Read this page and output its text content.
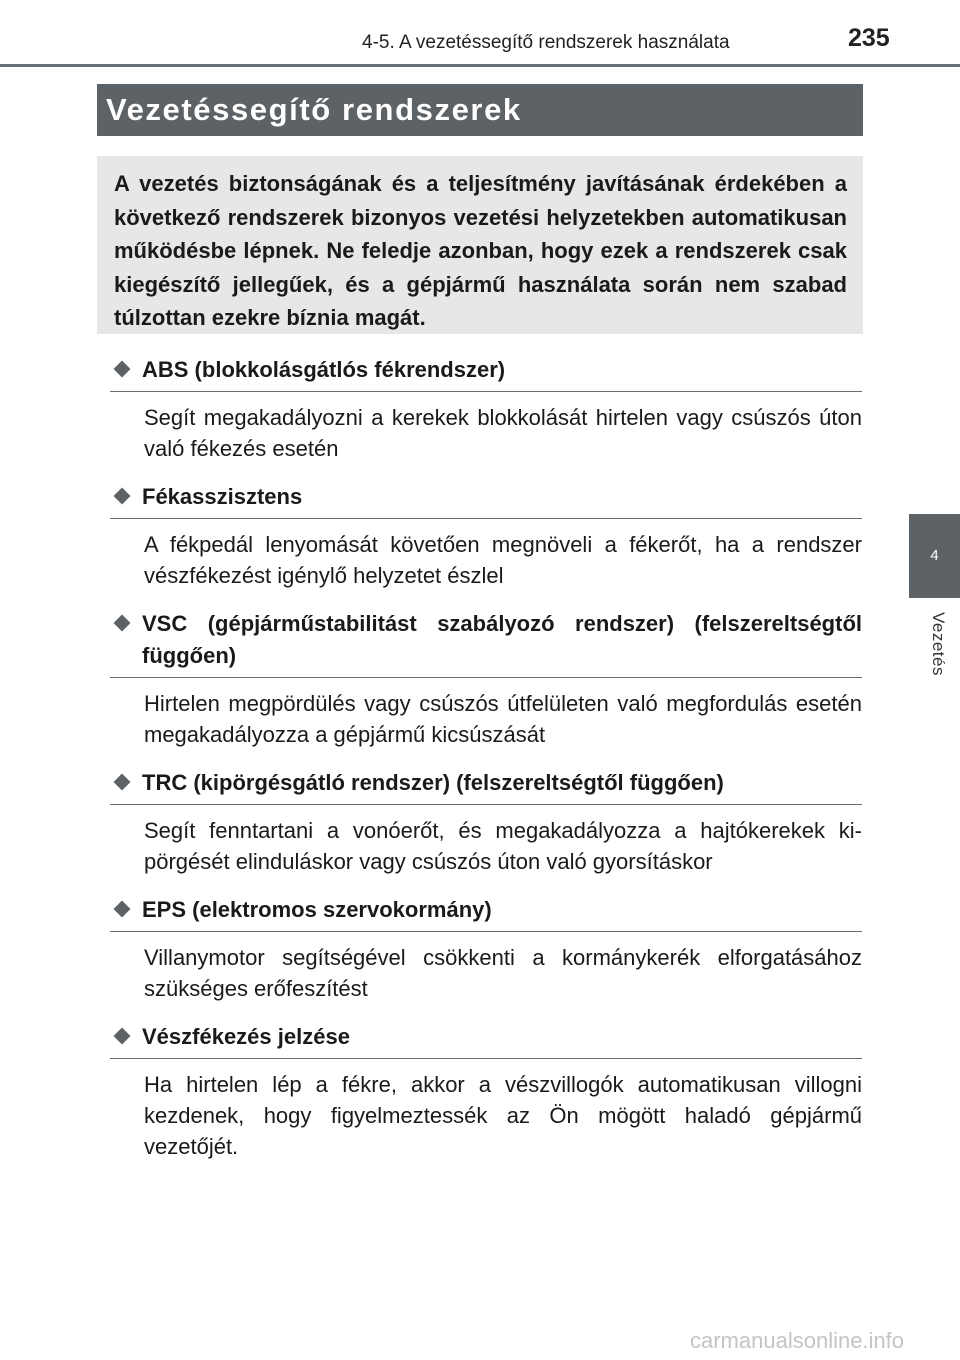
4-5. A vezetéssegítő rendszerek használata	235
Vezetéssegítő rendszerek

A vezetés biztonságának és a teljesítmény javításának érdekében a következő rendszerek bizonyos vezetési helyzetekben automatikusan működésbe lépnek. Ne feledje azonban, hogy ezek a rendszerek csak kiegészítő jellegűek, és a gépjármű használata során nem szabad túlzottan ezekre bíznia magát.

4
Vezetés
ABS (blokkolásgátlós fékrendszer)
Segít megakadályozni a kerekek blokkolását hirtelen vagy csúszós úton való fékezés esetén
Fékasszisztens
A fékpedál lenyomását követően megnöveli a fékerőt, ha a rendszer vészfékezést igénylő helyzetet észlel
VSC (gépjárműstabilitást szabályozó rendszer) (felszereltségtől függően)
Hirtelen megpördülés vagy csúszós útfelületen való megfordulás esetén megakadályozza a gépjármű kicsúszását
TRC (kipörgésgátló rendszer) (felszereltségtől függően)
Segít fenntartani a vonóerőt, és megakadályozza a hajtókerekek kipörgését elinduláskor vagy csúszós úton való gyorsításkor
EPS (elektromos szervokormány)
Villanymotor segítségével csökkenti a kormánykerék elforgatásához szükséges erőfeszítést
Vészfékezés jelzése
Ha hirtelen lép a fékre, akkor a vészvillogók automatikusan villogni kezdenek, hogy figyelmeztessék az Ön mögött haladó gépjármű vezetőjét.
carmanualsonline.info
